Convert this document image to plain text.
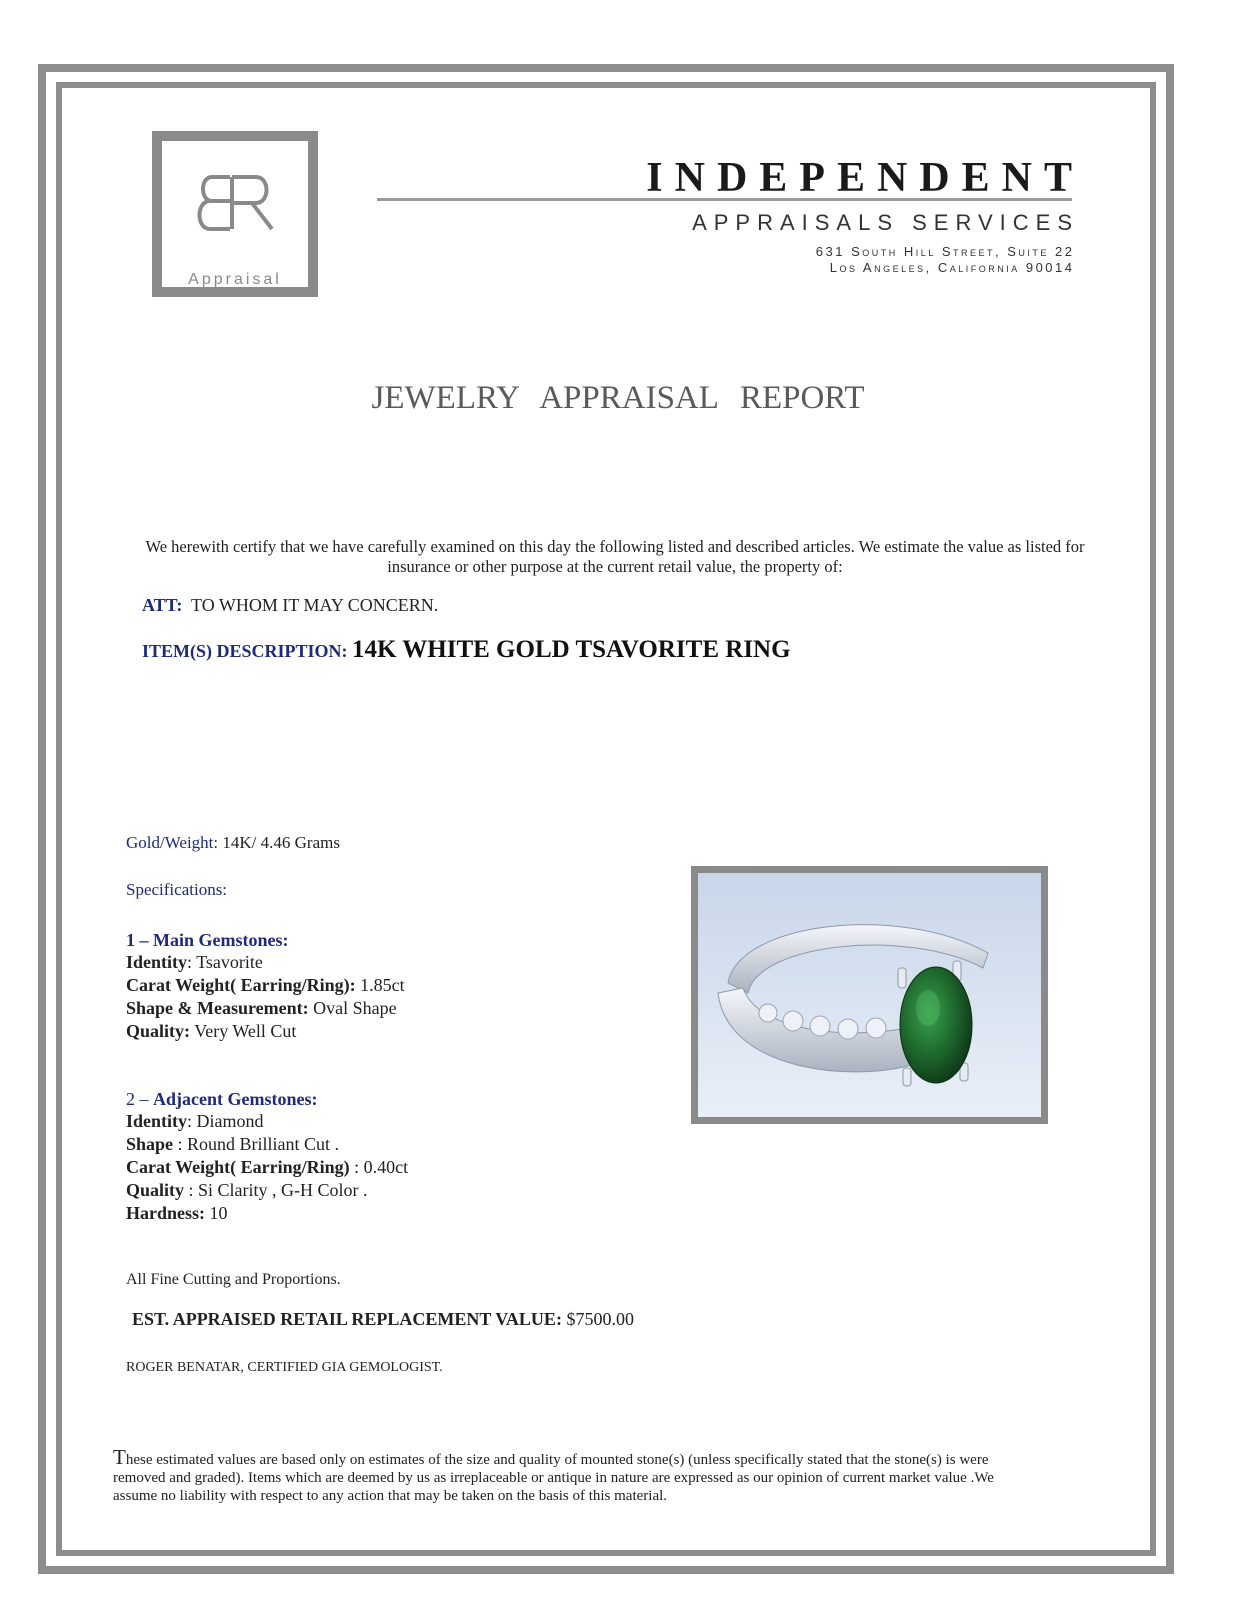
Appraisal
INDEPENDENT
APPRAISALS SERVICES
631 South Hill Street, Suite 22
Los Angeles, California 90014
JEWELRY APPRAISAL REPORT
We herewith certify that we have carefully examined on this day the following listed and described articles. We estimate the value as listed for insurance or other purpose at the current retail value, the property of:
ATT: TO WHOM IT MAY CONCERN.
ITEM(S) DESCRIPTION: 14K WHITE GOLD TSAVORITE RING
Gold/Weight: 14K/ 4.46 Grams
Specifications:
1 – Main Gemstones:
Identity: Tsavorite
Carat Weight( Earring/Ring): 1.85ct
Shape & Measurement: Oval Shape
Quality: Very Well Cut
2 – Adjacent Gemstones:
Identity: Diamond
Shape : Round Brilliant Cut .
Carat Weight( Earring/Ring) : 0.40ct
Quality : Si Clarity , G-H Color .
Hardness: 10
All Fine Cutting and Proportions.
EST. APPRAISED RETAIL REPLACEMENT VALUE: $7500.00
ROGER BENATAR, CERTIFIED GIA GEMOLOGIST.
These estimated values are based only on estimates of the size and quality of mounted stone(s) (unless specifically stated that the stone(s) is were removed and graded). Items which are deemed by us as irreplaceable or antique in nature are expressed as our opinion of current market value .We assume no liability with respect to any action that may be taken on the basis of this material.
